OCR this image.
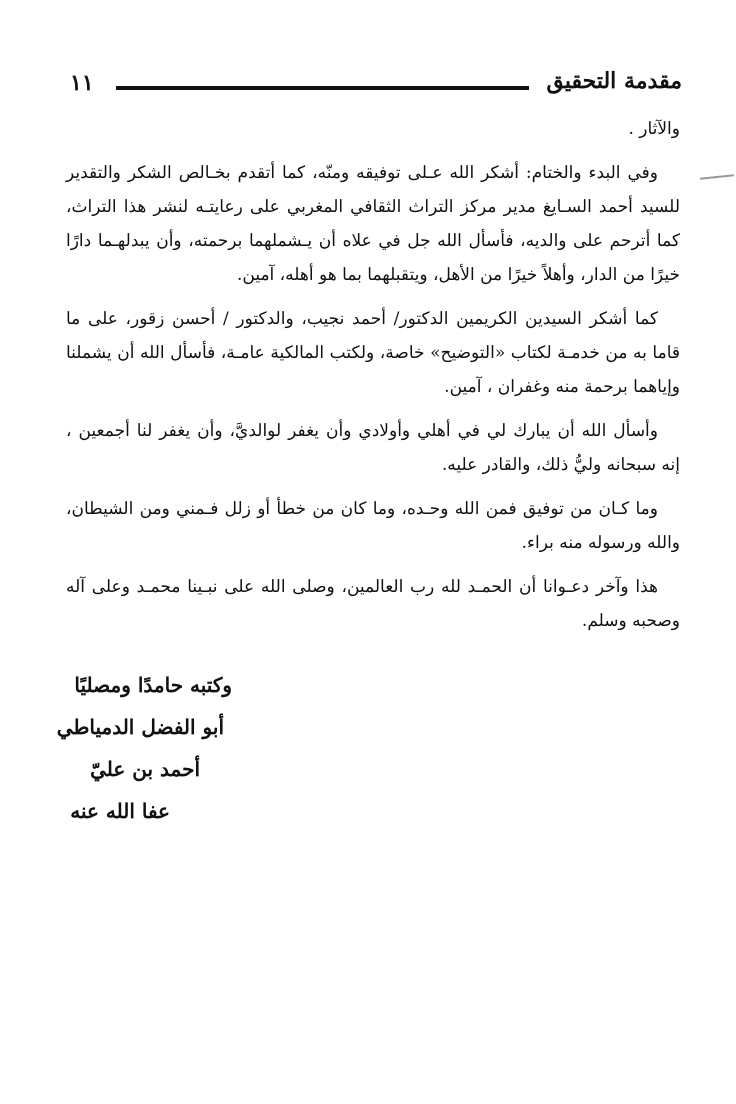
١١	مقدمة التحقيق

والآثار .

وفي البدء والختام: أشكر الله عـلى توفيقه ومنّه، كما أتقدم بخـالص الشكر والتقدير للسيد أحمد السـايغ مدير مركز التراث الثقافي المغربي على رعايتـه لنشر هذا التراث، كما أترحم على والديه، فأسأل الله جل في علاه أن يـشملهما برحمته، وأن يبدلهـما دارًا خيرًا من الدار، وأهلاً خيرًا من الأهل، ويتقبلهما بما هو أهله، آمين.

كما أشكر السيدين الكريمين الدكتور/ أحمد نجيب، والدكتور / أحسن زقور، على ما قاما به من خدمـة لكتاب «التوضيح» خاصة، ولكتب المالكية عامـة، فأسأل الله أن يشملنا وإياهما برحمة منه وغفران ، آمين.

وأسأل الله أن يبارك لي في أهلي وأولادي وأن يغفر لوالديَّ، وأن يغفر لنا أجمعين ، إنه سبحانه وليُّ ذلك، والقادر عليه.

وما كـان من توفيق فمن الله وحـده، وما كان من خطأ أو زلل فـمني ومن الشيطان، والله ورسوله منه براء.

هذا وآخر دعـوانا أن الحمـد لله رب العالمين، وصلى الله على نبـينا محمـد وعلى آله وصحبه وسلم.

وكتبه حامدًا ومصليًا
أبو الفضل الدمياطي
أحمد بن عليّ
عفا الله عنه
